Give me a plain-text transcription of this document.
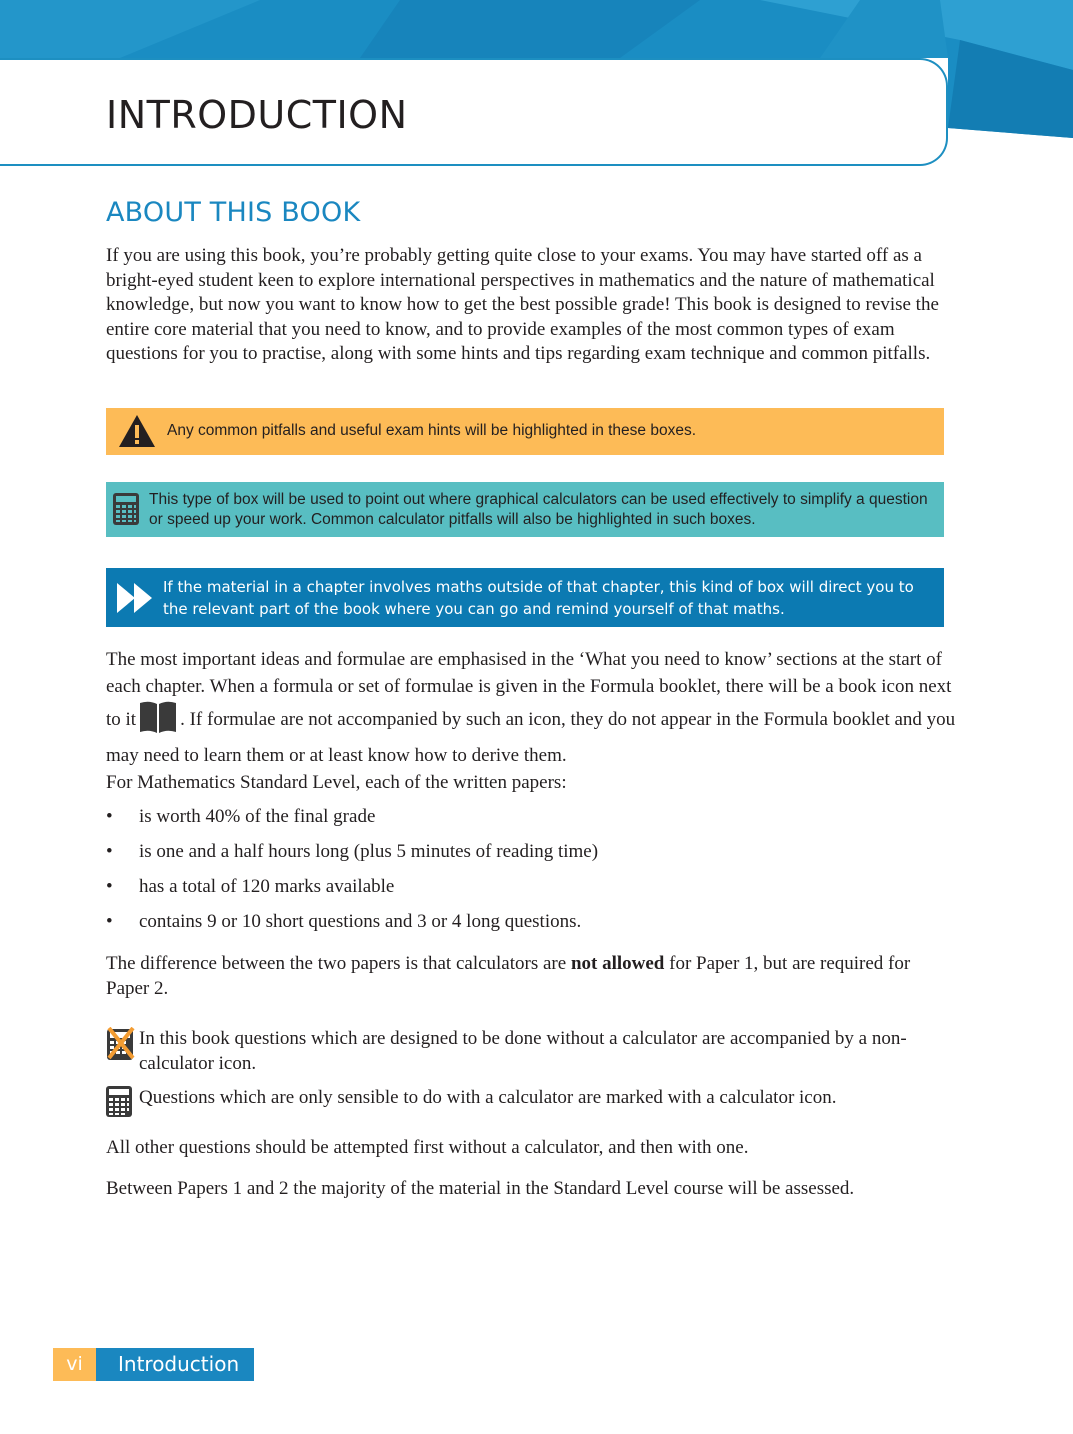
INTRODUCTION
ABOUT THIS BOOK

If you are using this book, you’re probably getting quite close to your exams. You may have started off as a bright-eyed student keen to explore international perspectives in mathematics and the nature of mathematical knowledge, but now you want to know how to get the best possible grade! This book is designed to revise the entire core material that you need to know, and to provide examples of the most common types of exam questions for you to practise, along with some hints and tips regarding exam technique and common pitfalls.

Any common pitfalls and useful exam hints will be highlighted in these boxes.
This type of box will be used to point out where graphical calculators can be used effectively to simplify a question or speed up your work. Common calculator pitfalls will also be highlighted in such boxes.
If the material in a chapter involves maths outside of that chapter, this kind of box will direct you to the relevant part of the book where you can go and remind yourself of that maths.

The most important ideas and formulae are emphasised in the ‘What you need to know’ sections at the start of each chapter. When a formula or set of formulae is given in the Formula booklet, there will be a book icon next to it . If formulae are not accompanied by such an icon, they do not appear in the Formula booklet and you may need to learn them or at least know how to derive them.

For Mathematics Standard Level, each of the written papers:

• is worth 40% of the final grade
• is one and a half hours long (plus 5 minutes of reading time)
• has a total of 120 marks available
• contains 9 or 10 short questions and 3 or 4 long questions.

The difference between the two papers is that calculators are not allowed for Paper 1, but are required for Paper 2.

In this book questions which are designed to be done without a calculator are accompanied by a non-calculator icon.
Questions which are only sensible to do with a calculator are marked with a calculator icon.

All other questions should be attempted first without a calculator, and then with one.

Between Papers 1 and 2 the majority of the material in the Standard Level course will be assessed.

vi	Introduction
